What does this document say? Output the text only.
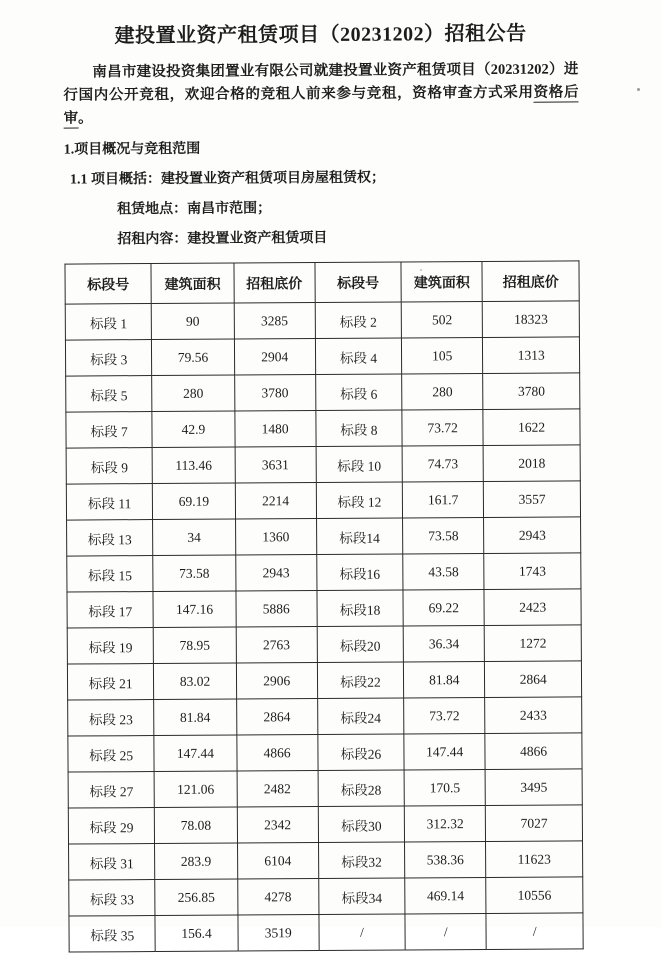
建投置业资产租赁项目（20231202）招租公告

南昌市建设投资集团置业有限公司就建投置业资产租赁项目（20231202）进行国内公开竞租，欢迎合格的竞租人前来参与竞租，资格审查方式采用资格后审。

1.项目概况与竞租范围

1.1 项目概括：建投置业资产租赁项目房屋租赁权；

租赁地点：南昌市范围；

招租内容：建投置业资产租赁项目

标段号	建筑面积	招租底价	标段号	建筑面积	招租底价
标段 1	90	3285	标段 2	502	18323
标段 3	79.56	2904	标段 4	105	1313
标段 5	280	3780	标段 6	280	3780
标段 7	42.9	1480	标段 8	73.72	1622
标段 9	113.46	3631	标段 10	74.73	2018
标段 11	69.19	2214	标段 12	161.7	3557
标段 13	34	1360	标段14	73.58	2943
标段 15	73.58	2943	标段16	43.58	1743
标段 17	147.16	5886	标段18	69.22	2423
标段 19	78.95	2763	标段20	36.34	1272
标段 21	83.02	2906	标段22	81.84	2864
标段 23	81.84	2864	标段24	73.72	2433
标段 25	147.44	4866	标段26	147.44	4866
标段 27	121.06	2482	标段28	170.5	3495
标段 29	78.08	2342	标段30	312.32	7027
标段 31	283.9	6104	标段32	538.36	11623
标段 33	256.85	4278	标段34	469.14	10556
标段 35	156.4	3519	/	/	/
